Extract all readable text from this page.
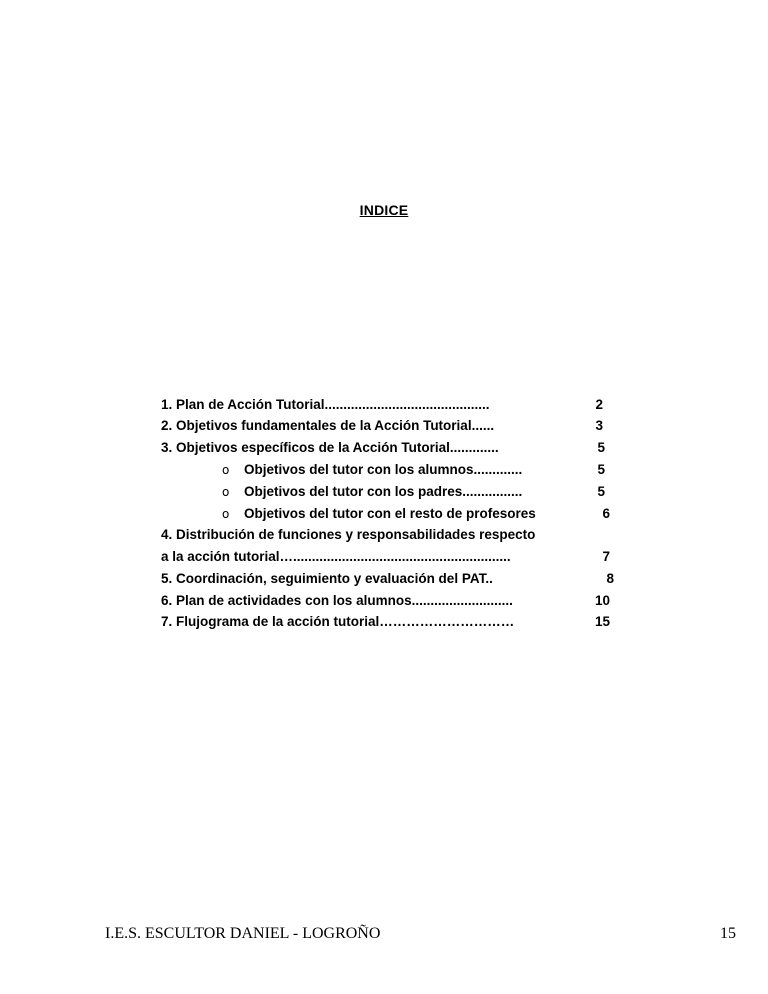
INDICE
1. Plan de Acción Tutorial............................................	2
2. Objetivos fundamentales de la Acción Tutorial......	3
3. Objetivos específicos de la Acción Tutorial.............	5
o Objetivos del tutor con los alumnos.............	5
o Objetivos del tutor con los padres................	5
o Objetivos del tutor con el resto de profesores	6
4. Distribución de funciones y responsabilidades respecto
a la acción tutorial…..........................................................	7
5. Coordinación, seguimiento y evaluación del PAT..	8
6. Plan de actividades con los alumnos...........................	10
7. Flujograma de la acción tutorial…………………………	15
I.E.S. ESCULTOR DANIEL - LOGROÑO	15
